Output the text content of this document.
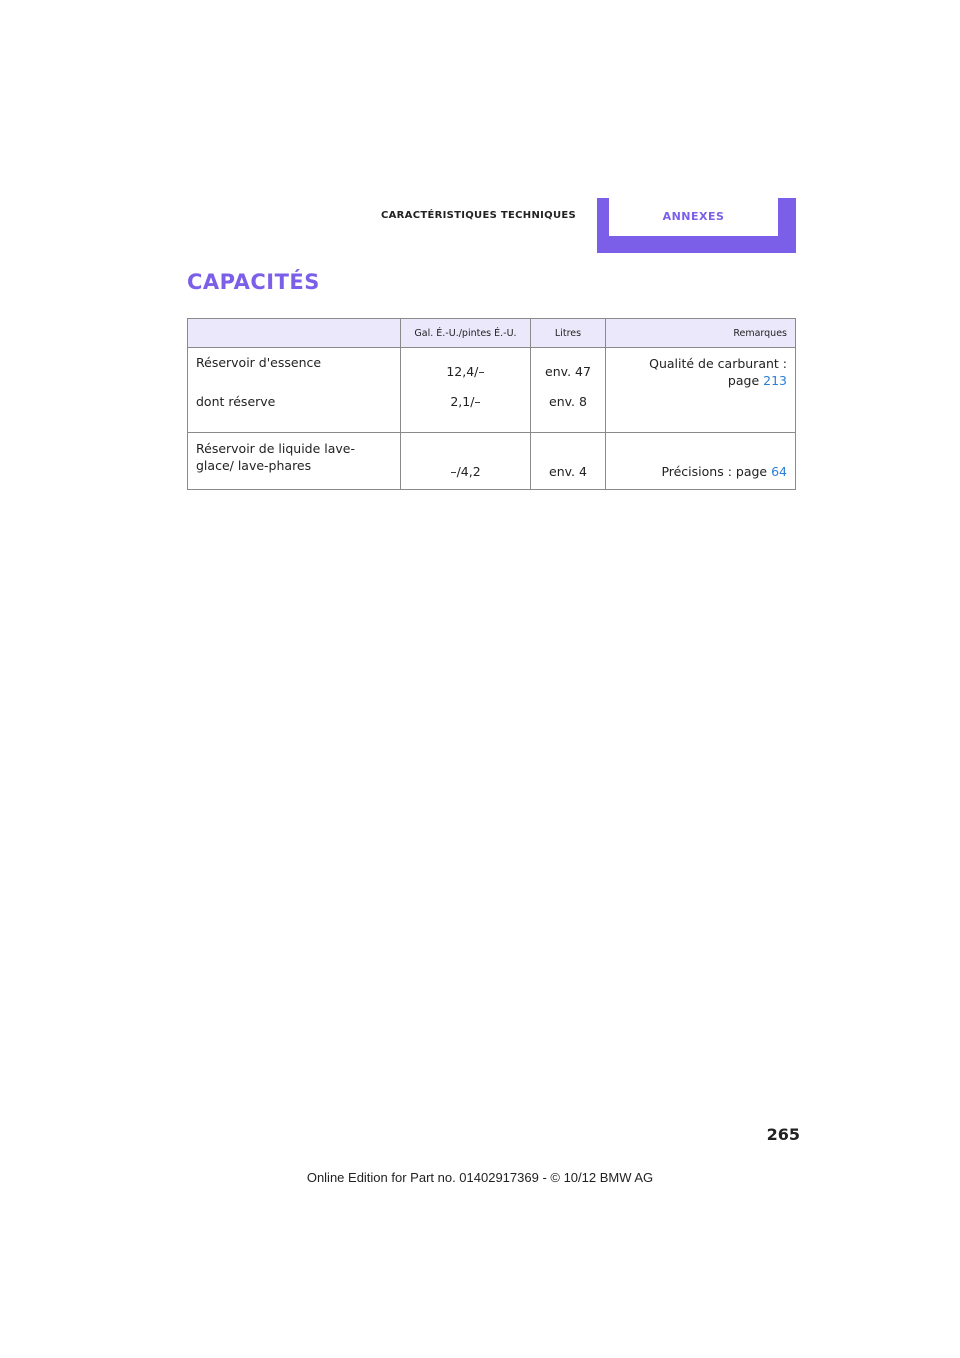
CARACTÉRISTIQUES TECHNIQUES	ANNEXES
CAPACITÉS
	Gal. É.-U./pintes É.-U.	Litres	Remarques
Réservoir d'essence	12,4/–	env. 47	Qualité de carburant : page 213
dont réserve	2,1/–	env. 8	
Réservoir de liquide lave-glace/ lave-phares	–/4,2	env. 4	Précisions : page 64
265
Online Edition for Part no. 01402917369 - © 10/12 BMW AG
